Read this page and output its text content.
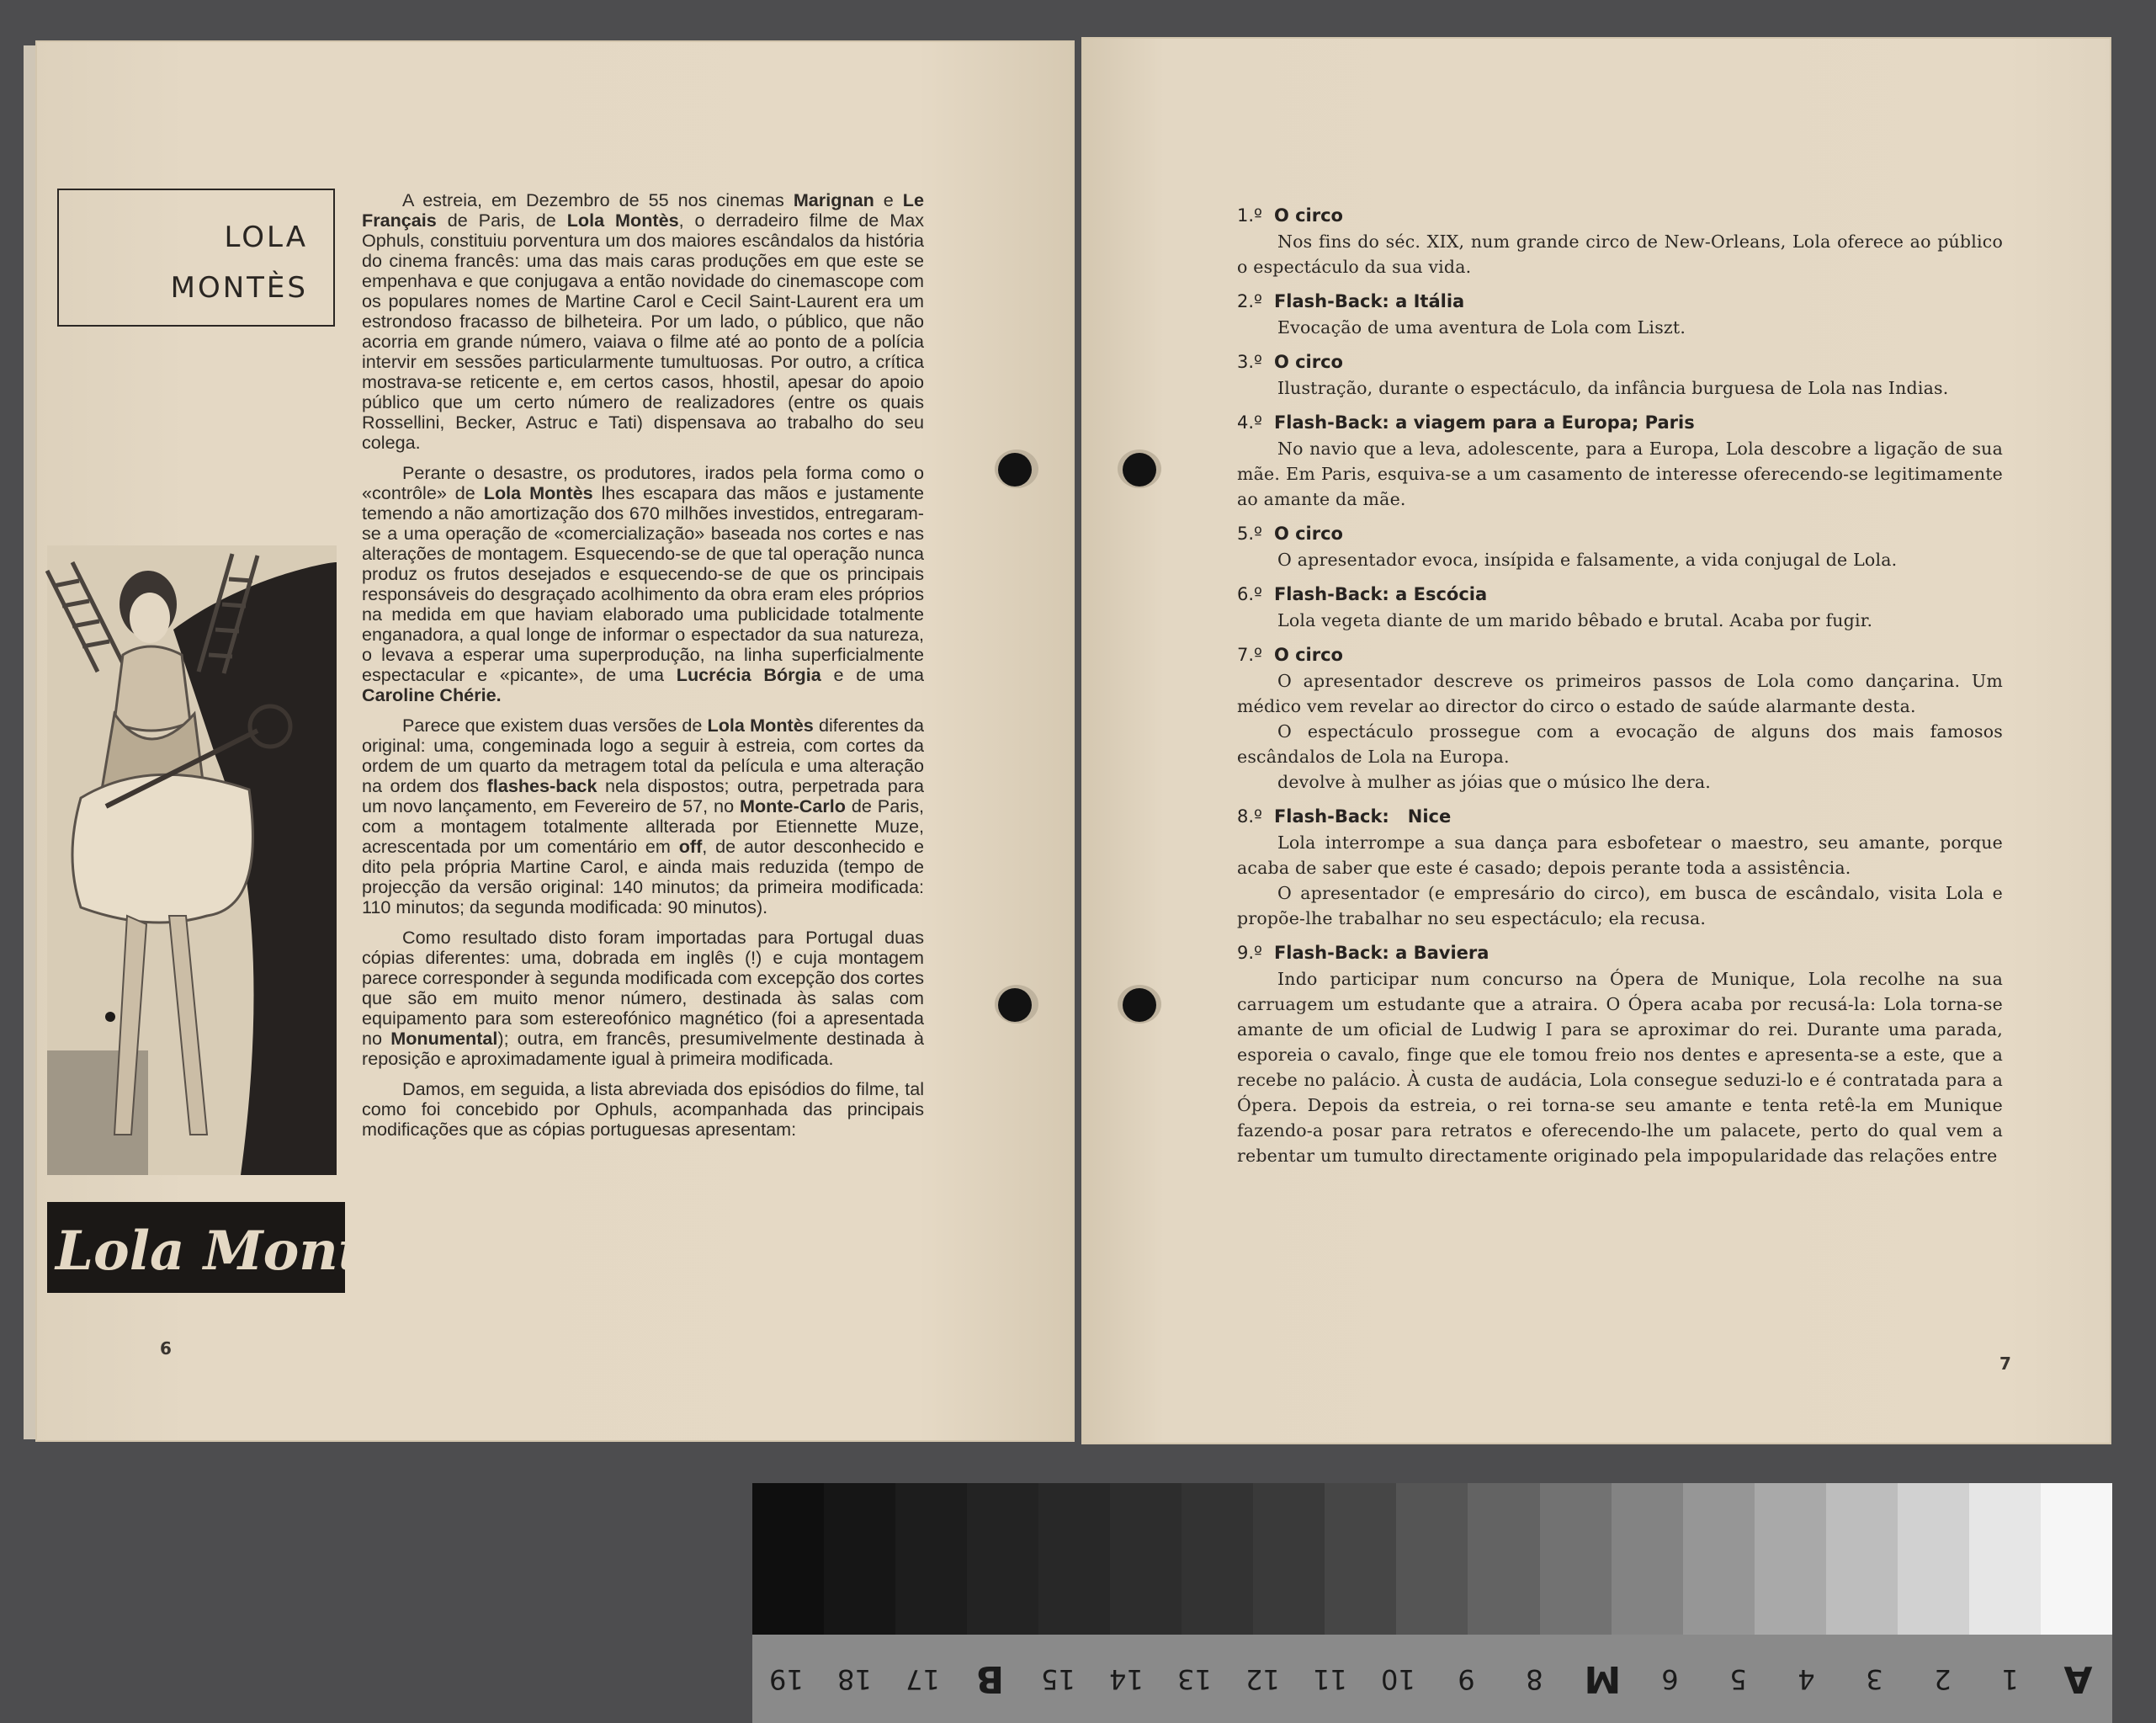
LOLA
MONTÈS

A estreia, em Dezembro de 55 nos cinemas Marignan e Le Français de Paris, de Lola Montès, o derradeiro filme de Max Ophuls, constituiu porventura um dos maiores escândalos da história do cinema francês: uma das mais caras produções em que este se empenhava e que conjugava a então novidade do cinemascope com os populares nomes de Martine Carol e Cecil Saint-Laurent era um estrondoso fracasso de bilheteira. Por um lado, o público, que não acorria em grande número, vaiava o filme até ao ponto de a polícia intervir em sessões particularmente tumultuosas. Por outro, a crítica mostrava-se reticente e, em certos casos, hhostil, apesar do apoio público que um certo número de realizadores (entre os quais Rossellini, Becker, Astruc e Tati) dispensava ao trabalho do seu colega.

Perante o desastre, os produtores, irados pela forma como o «contrôle» de Lola Montès lhes escapara das mãos e justamente temendo a não amortização dos 670 milhões investidos, entregaram-se a uma operação de «comercialização» baseada nos cortes e nas alterações de montagem. Esquecendo-se de que tal operação nunca produz os frutos desejados e esquecendo-se de que os principais responsáveis do desgraçado acolhimento da obra eram eles próprios na medida em que haviam elaborado uma publicidade totalmente enganadora, a qual longe de informar o espectador da sua natureza, o levava a esperar uma superprodução, na linha superficialmente espectacular e «picante», de uma Lucrécia Bórgia e de uma Caroline Chérie.

Parece que existem duas versões de Lola Montès diferentes da original: uma, congeminada logo a seguir à estreia, com cortes da ordem de um quarto da metragem total da película e uma alteração na ordem dos flashes-back nela dispostos; outra, perpetrada para um novo lançamento, em Fevereiro de 57, no Monte-Carlo de Paris, com a montagem totalmente allterada por Etiennette Muze, acrescentada por um comentário em off, de autor desconhecido e dito pela própria Martine Carol, e ainda mais reduzida (tempo de projecção da versão original: 140 minutos; da primeira modificada: 110 minutos; da segunda modificada: 90 minutos).

Como resultado disto foram importadas para Portugal duas cópias diferentes: uma, dobrada em inglês (!) e cuja montagem parece corresponder à segunda modificada com excepção dos cortes que são em muito menor número, destinada às salas com equipamento para som estereofónico magnético (foi a apresentada no Monumental); outra, em francês, presumivelmente destinada à reposição e aproximadamente igual à primeira modificada.

Damos, em seguida, a lista abreviada dos episódios do filme, tal como foi concebido por Ophuls, acompanhada das principais modificações que as cópias portuguesas apresentam:

Lola Montès
6
1.º O circo
Nos fins do séc. XIX, num grande circo de New-Orleans, Lola oferece ao público o espectáculo da sua vida.
2.º Flash-Back: a Itália
Evocação de uma aventura de Lola com Liszt.
3.º O circo
Ilustração, durante o espectáculo, da infância burguesa de Lola nas Indias.
4.º Flash-Back: a viagem para a Europa; Paris
No navio que a leva, adolescente, para a Europa, Lola descobre a ligação de sua mãe. Em Paris, esquiva-se a um casamento de interesse oferecendo-se legitimamente ao amante da mãe.
5.º O circo
O apresentador evoca, insípida e falsamente, a vida conjugal de Lola.
6.º Flash-Back: a Escócia
Lola vegeta diante de um marido bêbado e brutal. Acaba por fugir.
7.º O circo
O apresentador descreve os primeiros passos de Lola como dançarina. Um médico vem revelar ao director do circo o estado de saúde alarmante desta.
O espectáculo prossegue com a evocação de alguns dos mais famosos escândalos de Lola na Europa.
devolve à mulher as jóias que o músico lhe dera.
8.º Flash-Back:   Nice
Lola interrompe a sua dança para esbofetear o maestro, seu amante, porque acaba de saber que este é casado; depois perante toda a assistência.
O apresentador (e empresário do circo), em busca de escândalo, visita Lola e propõe-lhe trabalhar no seu espectáculo; ela recusa.
9.º Flash-Back: a Baviera
Indo participar num concurso na Ópera de Munique, Lola recolhe na sua carruagem um estudante que a atraira. O Ópera acaba por recusá-la: Lola torna-se amante de um oficial de Ludwig I para se aproximar do rei. Durante uma parada, esporeia o cavalo, finge que ele tomou freio nos dentes e apresenta-se a este, que a recebe no palácio. À custa de audácia, Lola consegue seduzi-lo e é contratada para a Ópera. Depois da estreia, o rei torna-se seu amante e tenta retê-la em Munique fazendo-a posar para retratos e oferecendo-lhe um palacete, perto do qual vem a rebentar um tumulto directamente originado pela impopularidade das relações entre
7
19	18	17 B	15	14	13	12	11	10	9	8	M	6	5	4	3	2	1	A
